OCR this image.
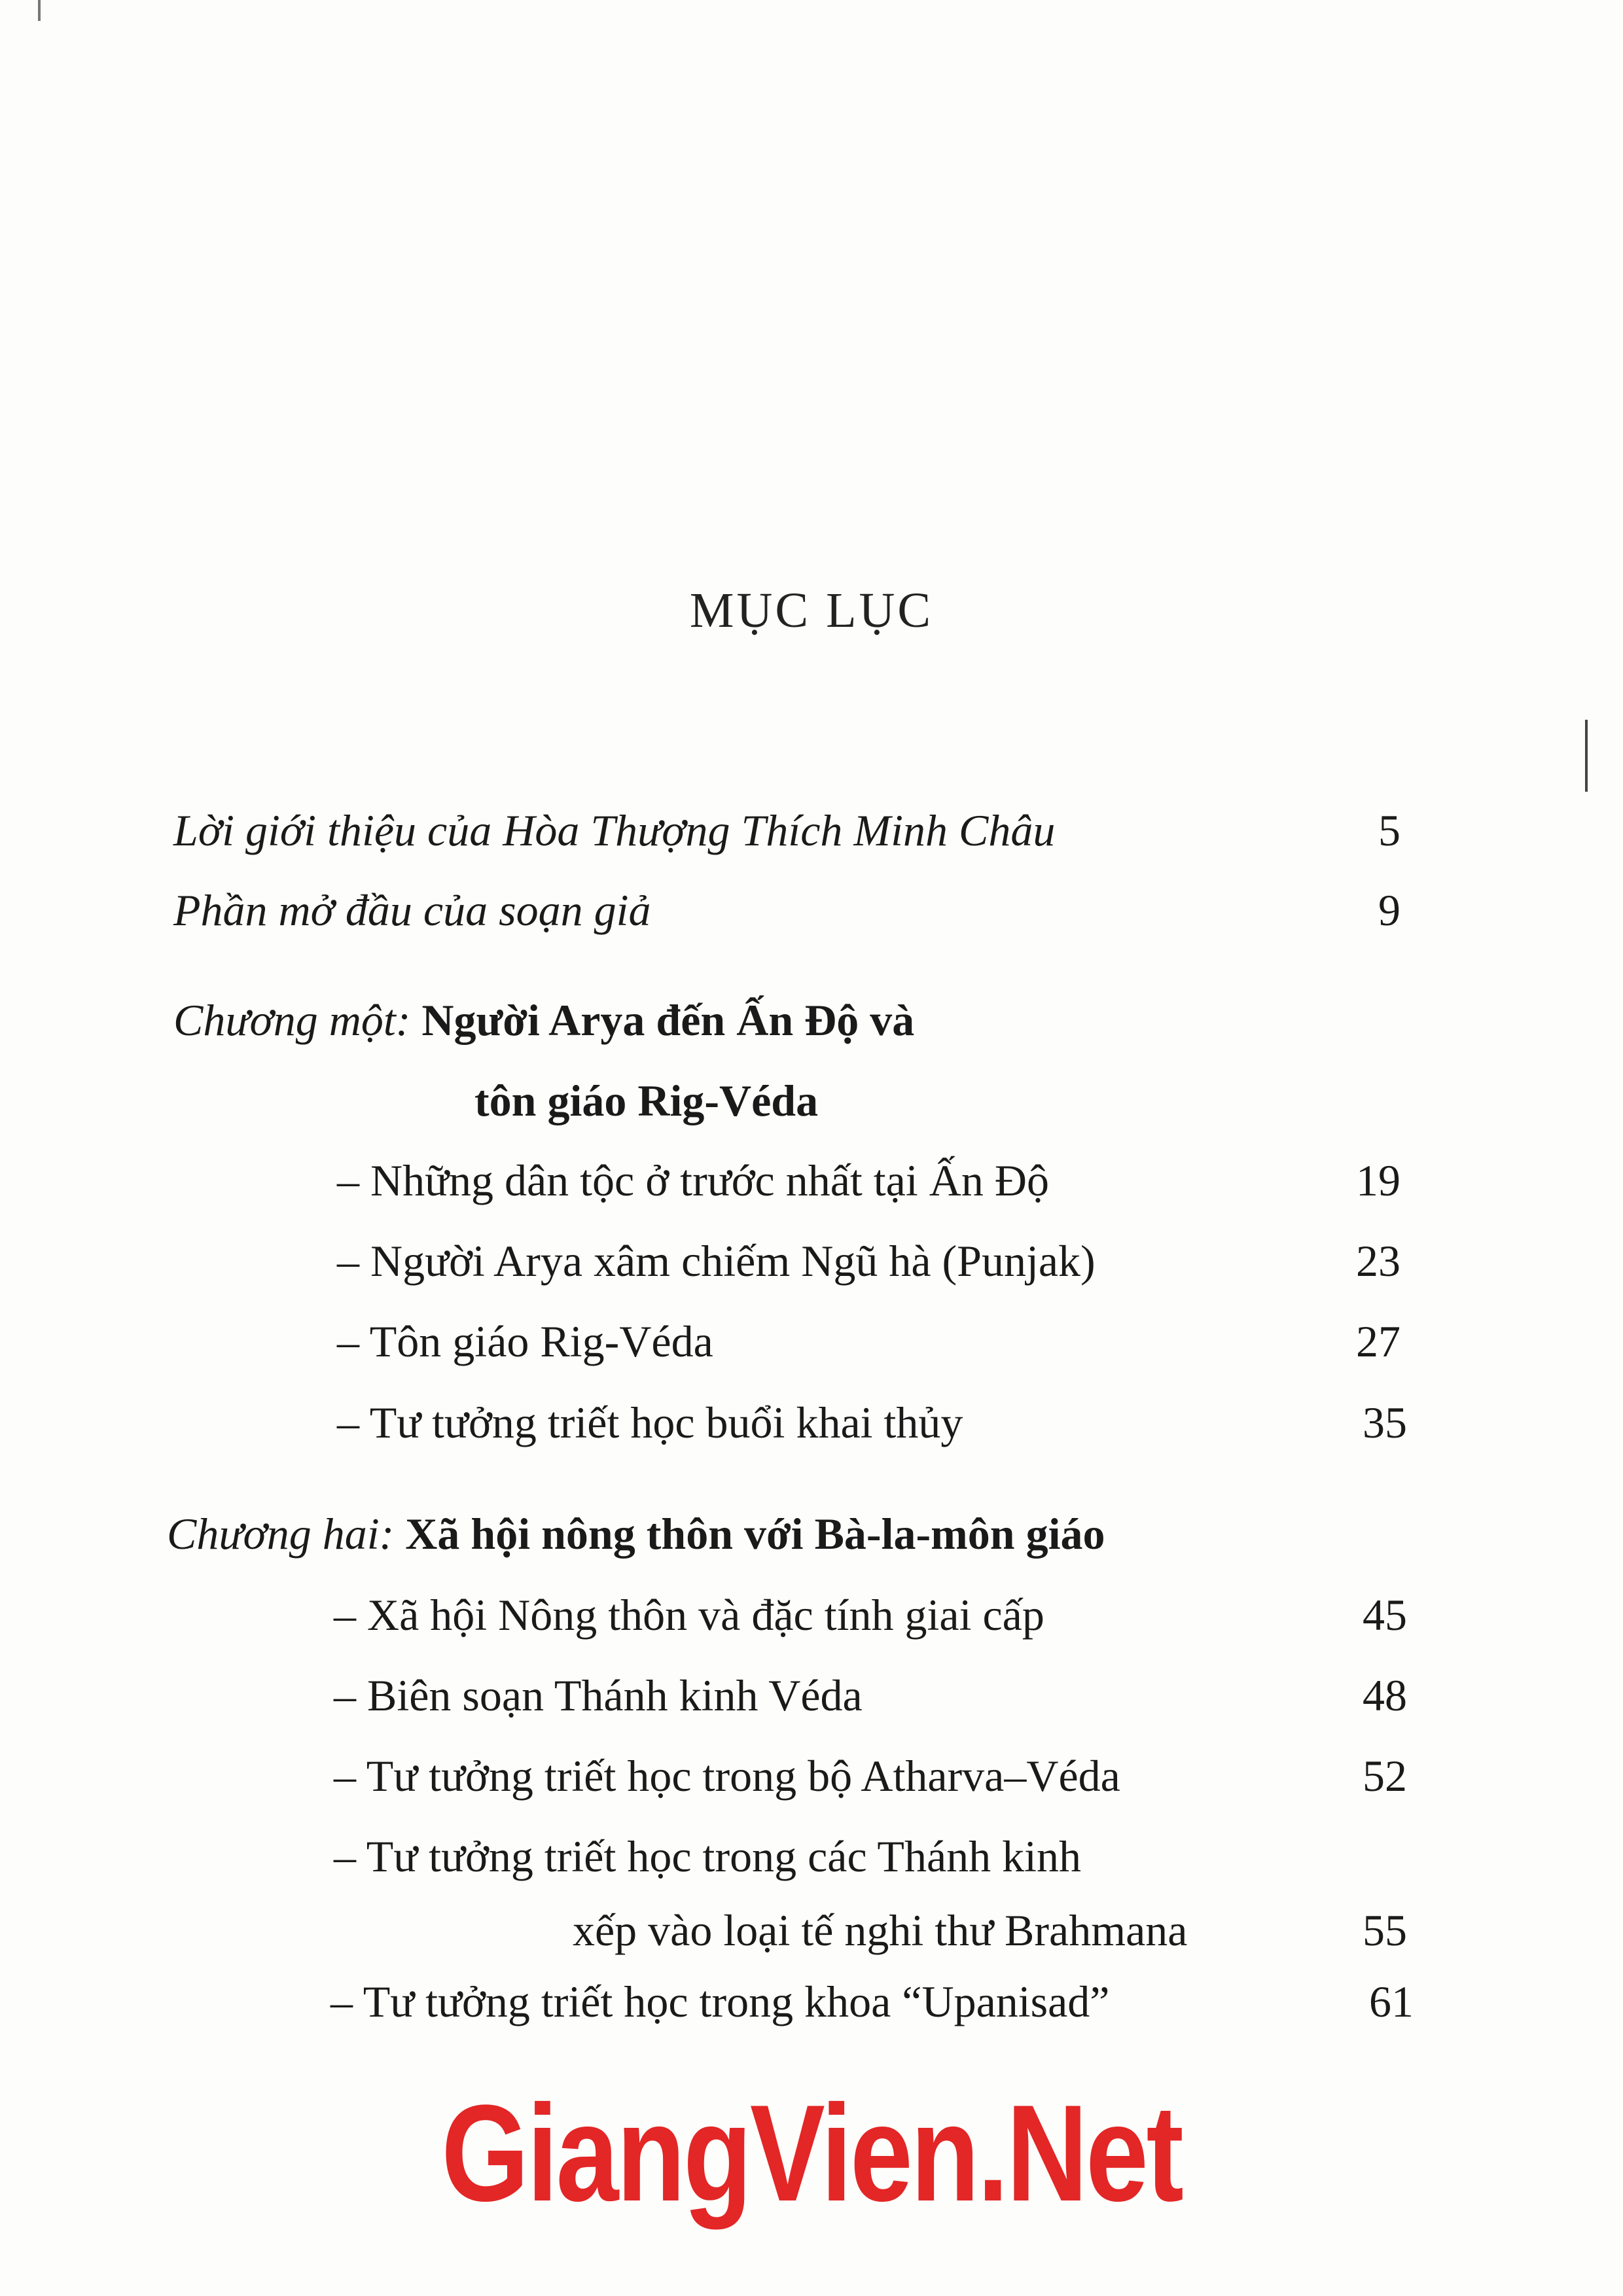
MỤC LỤC
Lời giới thiệu của Hòa Thượng Thích Minh Châu	5
Phần mở đầu của soạn giả	9
Chương một: Người Arya đến Ấn Độ và
tôn giáo Rig-Véda
– Những dân tộc ở trước nhất tại Ấn Độ	19
– Người Arya xâm chiếm Ngũ hà (Punjak)	23
– Tôn giáo Rig-Véda	27
– Tư tưởng triết học buổi khai thủy	35
Chương hai: Xã hội nông thôn với Bà-la-môn giáo
– Xã hội Nông thôn và đặc tính giai cấp	45
– Biên soạn Thánh kinh Véda	48
– Tư tưởng triết học trong bộ Atharva–Véda	52
– Tư tưởng triết học trong các Thánh kinh
xếp vào loại tế nghi thư Brahmana	55
– Tư tưởng triết học trong khoa “Upanisad”	61
GiangVien.Net
